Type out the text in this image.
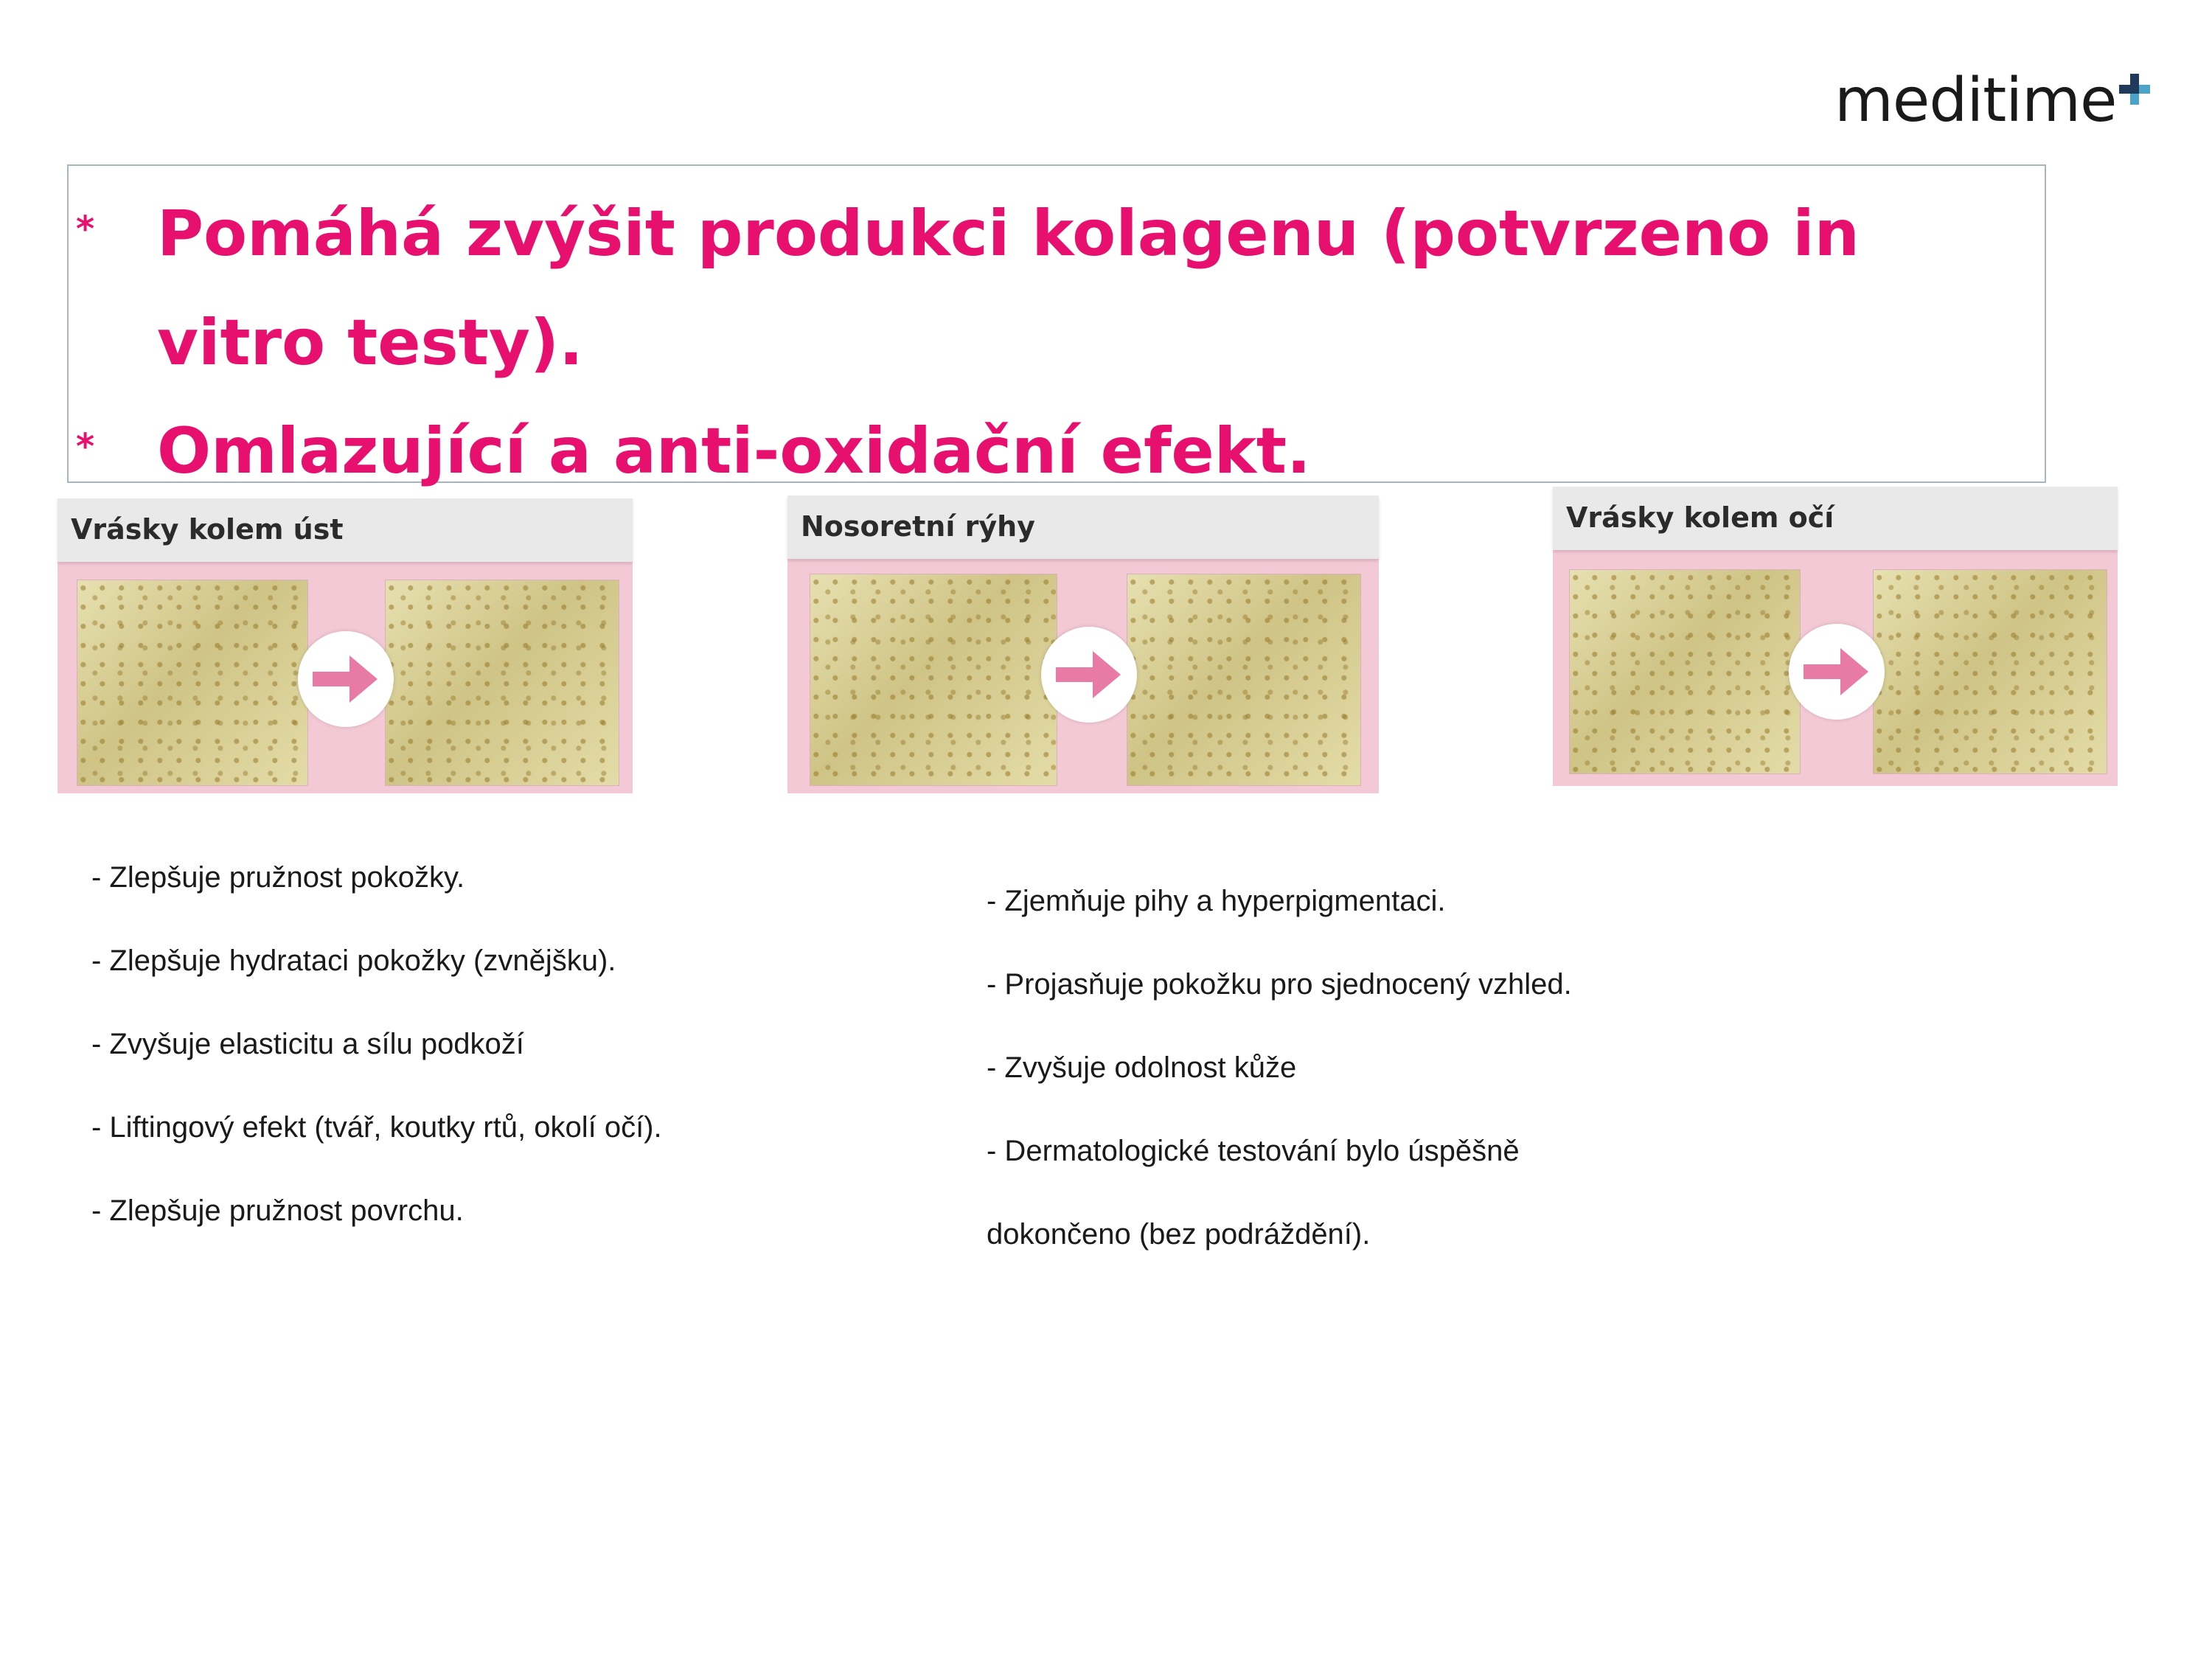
meditime
* Pomáhá zvýšit produkci kolagenu (potvrzeno in vitro testy).
* Omlazující a anti-oxidační efekt.
Vrásky kolem úst	Nosoretní rýhy	Vrásky kolem očí
- Zlepšuje pružnost pokožky.
- Zlepšuje hydrataci pokožky (zvnějšku).
- Zvyšuje elasticitu a sílu podkoží
- Liftingový efekt (tvář, koutky rtů, okolí očí).
- Zlepšuje pružnost povrchu.
- Zjemňuje pihy a hyperpigmentaci.
- Projasňuje pokožku pro sjednocený vzhled.
- Zvyšuje odolnost kůže
- Dermatologické testování bylo úspěšně
dokončeno (bez podráždění).
